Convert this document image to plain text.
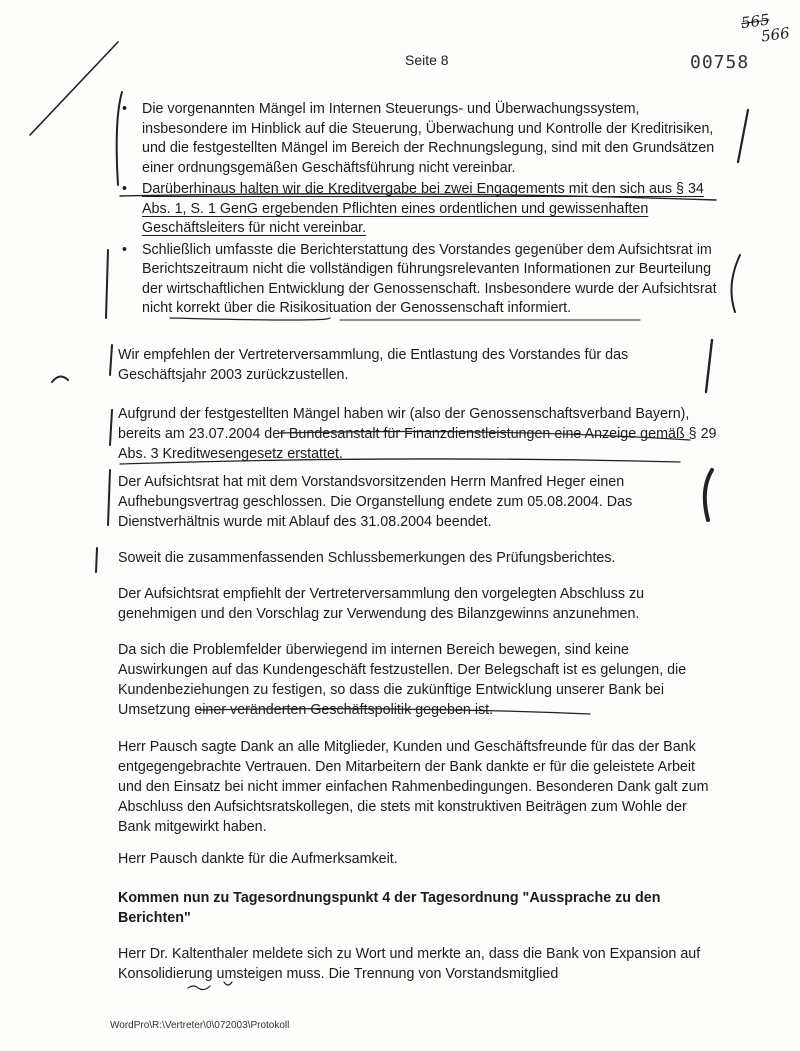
Seite 8	00758
565
566
• Die vorgenannten Mängel im Internen Steuerungs- und Überwachungssystem, insbesondere im Hinblick auf die Steuerung, Überwachung und Kontrolle der Kreditrisiken, und die festgestellten Mängel im Bereich der Rechnungslegung, sind mit den Grundsätzen einer ordnungsgemäßen Geschäftsführung nicht vereinbar.
• Darüberhinaus halten wir die Kreditvergabe bei zwei Engagements mit den sich aus § 34 Abs. 1, S. 1 GenG ergebenden Pflichten eines ordentlichen und gewissenhaften Geschäftsleiters für nicht vereinbar.
• Schließlich umfasste die Berichterstattung des Vorstandes gegenüber dem Aufsichtsrat im Berichtszeitraum nicht die vollständigen führungsrelevanten Informationen zur Beurteilung der wirtschaftlichen Entwicklung der Genossenschaft. Insbesondere wurde der Aufsichtsrat nicht korrekt über die Risikosituation der Genossenschaft informiert.

Wir empfehlen der Vertreterversammlung, die Entlastung des Vorstandes für das Geschäftsjahr 2003 zurückzustellen.

Aufgrund der festgestellten Mängel haben wir (also der Genossenschaftsverband Bayern), bereits am 23.07.2004 der Bundesanstalt für Finanzdienstleistungen eine Anzeige gemäß § 29 Abs. 3 Kreditwesengesetz erstattet.

Der Aufsichtsrat hat mit dem Vorstandsvorsitzenden Herrn Manfred Heger einen Aufhebungsvertrag geschlossen. Die Organstellung endete zum 05.08.2004. Das Dienstverhältnis wurde mit Ablauf des 31.08.2004 beendet.

Soweit die zusammenfassenden Schlussbemerkungen des Prüfungsberichtes.

Der Aufsichtsrat empfiehlt der Vertreterversammlung den vorgelegten Abschluss zu genehmigen und den Vorschlag zur Verwendung des Bilanzgewinns anzunehmen.

Da sich die Problemfelder überwiegend im internen Bereich bewegen, sind keine Auswirkungen auf das Kundengeschäft festzustellen. Der Belegschaft ist es gelungen, die Kundenbeziehungen zu festigen, so dass die zukünftige Entwicklung unserer Bank bei Umsetzung einer veränderten Geschäftspolitik gegeben ist.

Herr Pausch sagte Dank an alle Mitglieder, Kunden und Geschäftsfreunde für das der Bank entgegengebrachte Vertrauen. Den Mitarbeitern der Bank dankte er für die geleistete Arbeit und den Einsatz bei nicht immer einfachen Rahmenbedingungen. Besonderen Dank galt zum Abschluss den Aufsichtsratskollegen, die stets mit konstruktiven Beiträgen zum Wohle der Bank mitgewirkt haben.

Herr Pausch dankte für die Aufmerksamkeit.

Kommen nun zu Tagesordnungspunkt 4 der Tagesordnung "Aussprache zu den Berichten"

Herr Dr. Kaltenthaler meldete sich zu Wort und merkte an, dass die Bank von Expansion auf Konsolidierung umsteigen muss. Die Trennung von Vorstandsmitglied

WordPro\R:\Vertreter\0\072003\Protokoll
